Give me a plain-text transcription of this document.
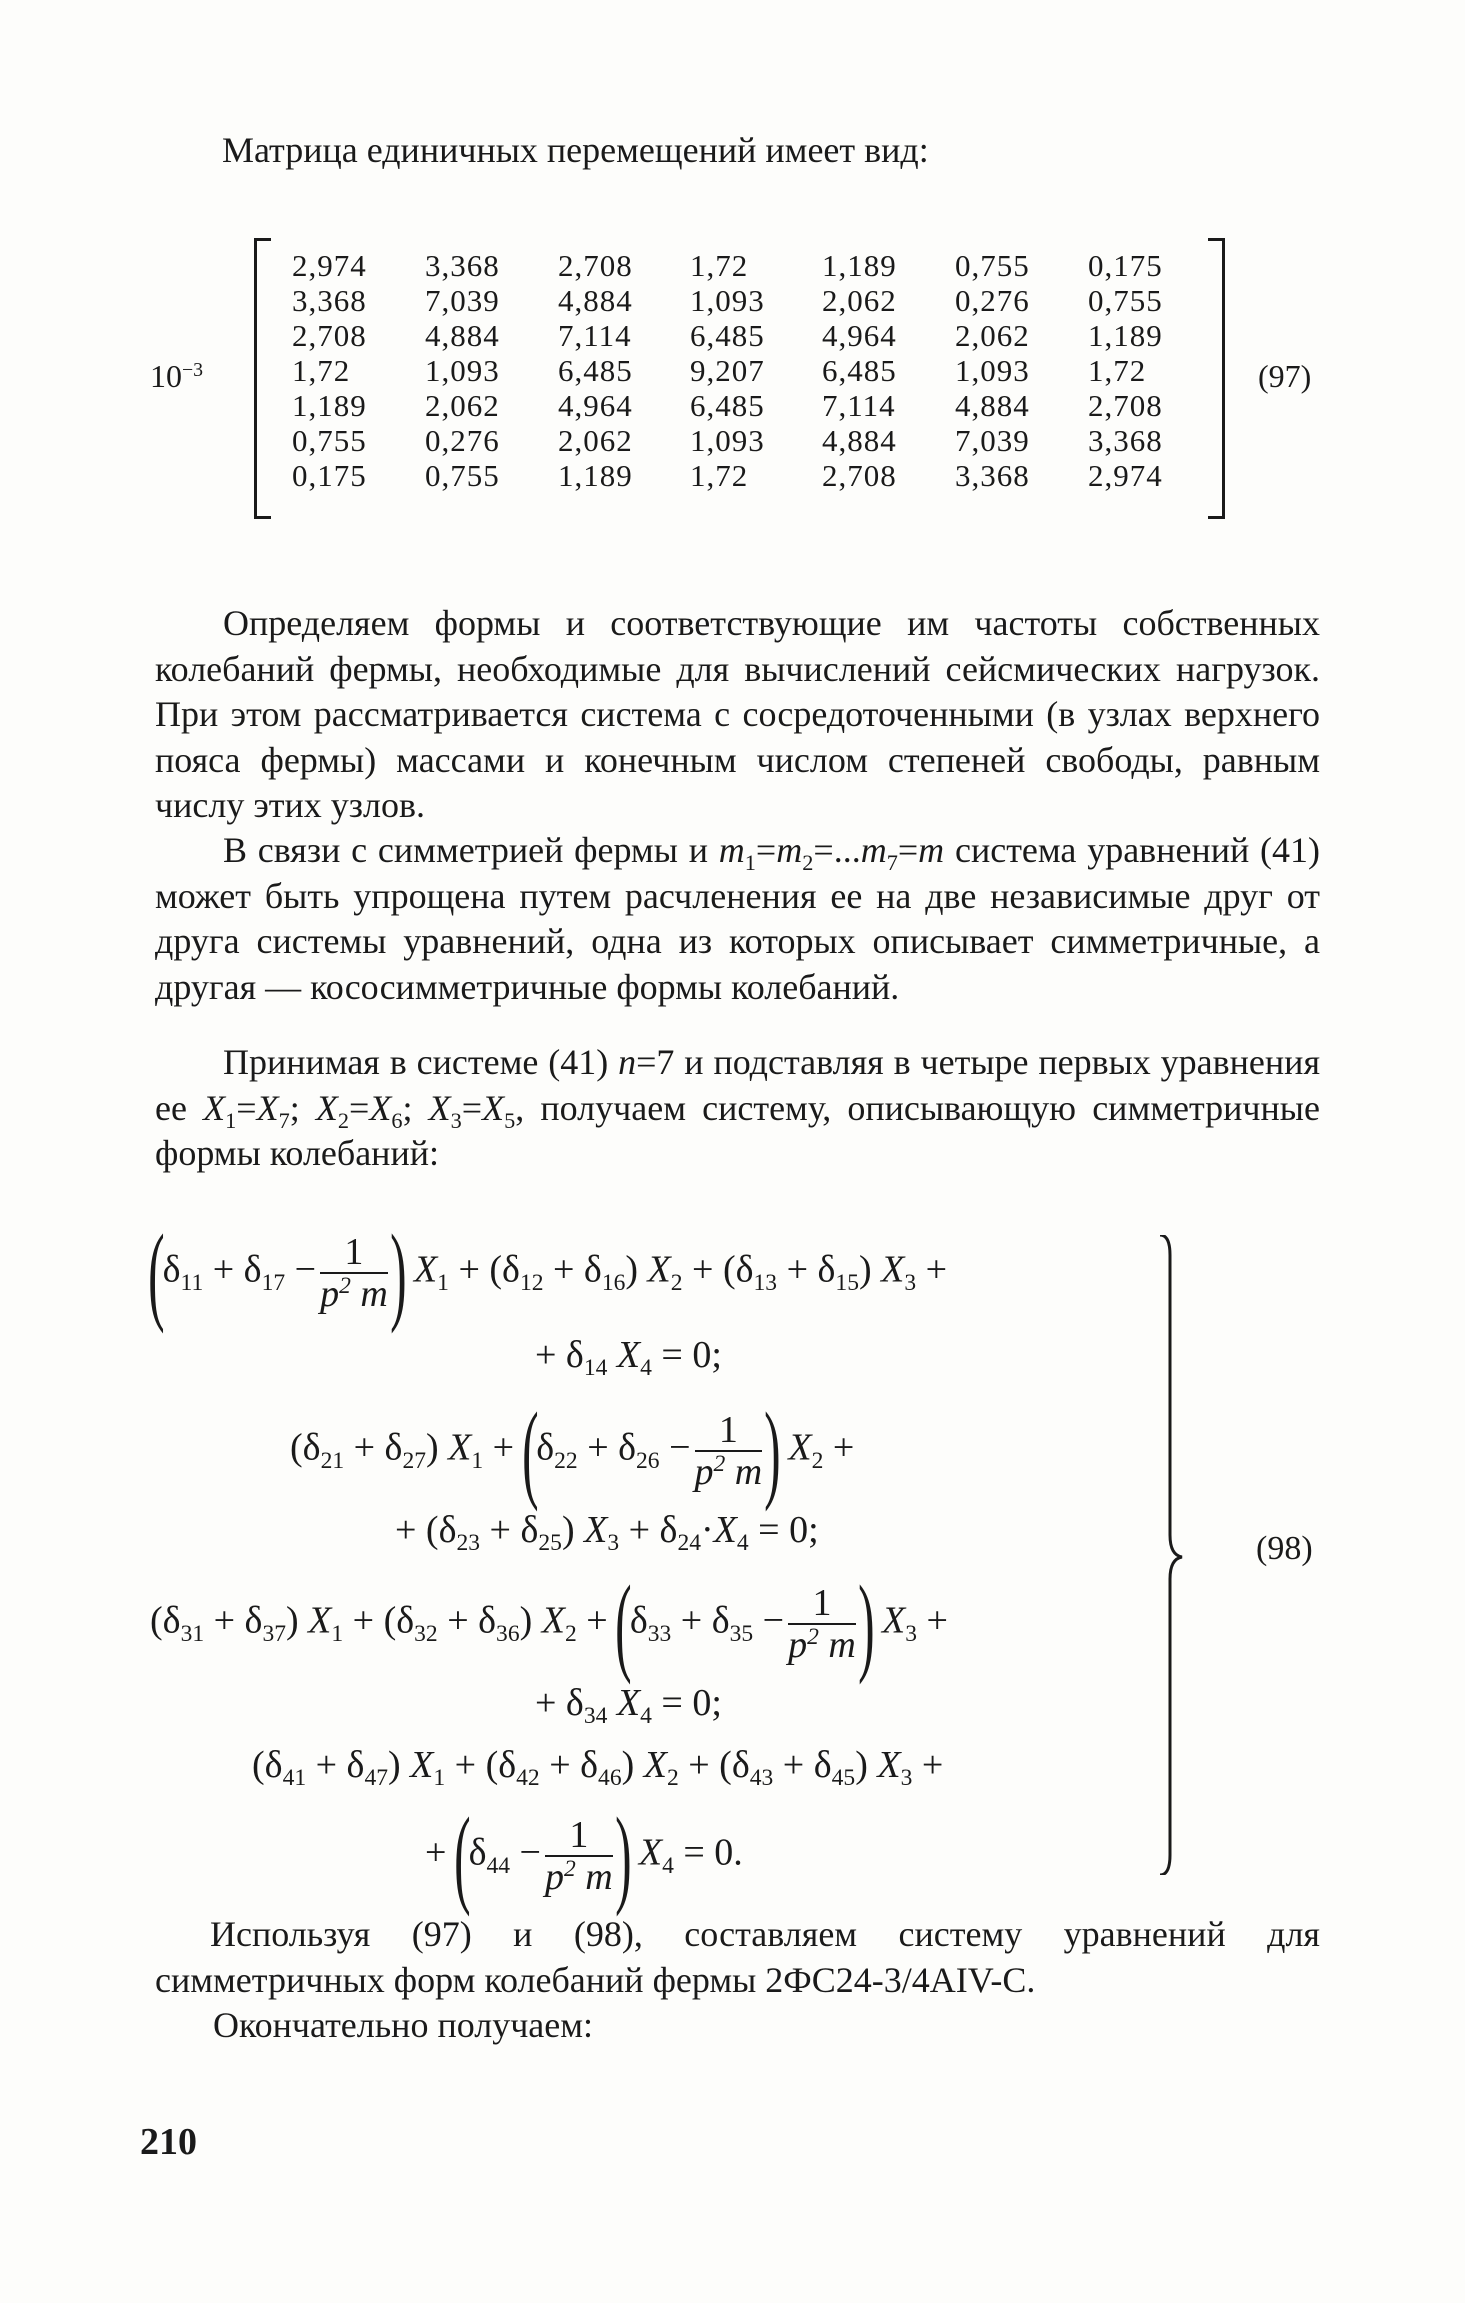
Матрица единичных перемещений имеет вид:
$10^{-3}$
2,974 3,368 2,708 1,72 1,189 0,755 0,175
3,368 7,039 4,884 1,093 2,062 0,276 0,755
2,708 4,884 7,114 6,485 4,964 2,062 1,189
1,72 1,093 6,485 9,207 6,485 1,093 1,72
1,189 2,062 4,964 6,485 7,114 4,884 2,708
0,755 0,276 2,062 1,093 4,884 7,039 3,368
0,175 0,755 1,189 1,72 2,708 3,368 2,974
(97)
Определяем формы и соответствующие им частоты собственных колебаний фермы, необходимые для вычислений сейсмических нагрузок. При этом рассматривается система с сосредоточенными (в узлах верхнего пояса фермы) массами и конечным числом степеней свободы, равным числу этих узлов.
В связи с симметрией фермы и $m_1=m_2=...m_7=m$ система уравнений (41) может быть упрощена путем расчленения ее на две независимые друг от друга системы уравнений, одна из которых описывает симметричные, а другая — кососимметричные формы колебаний.
Принимая в системе (41) n=7 и подставляя в четыре первых уравнения ее $X_1=X_7$; $X_2=X_6$; $X_3=X_5$, получаем систему, описывающую симметричные формы колебаний:
($\delta_{11} + \delta_{17} - \frac{1}{p^2 m}$ ) $X_1 + (\delta_{12} + \delta_{16}) X_2 + (\delta_{13} + \delta_{15}) X_3$ +
+ $\delta_{14}$ $X_4 = 0$;
$(\delta_{21} + \delta_{27}) X_1 + (\delta_{22} + \delta_{26} - \frac{1}{p^2 m}$ ) $X_2$ +
+ $(\delta_{23} + \delta_{25}) X_3 + \delta_{24}\cdot X_4 = 0$;
$(\delta_{31} + \delta_{37}) X_1 + (\delta_{32} + \delta_{36}) X_2 + (\delta_{33} + \delta_{35} - \frac{1}{p^2 m}$ ) $X_3$ +
+ $\delta_{34}$ $X_4 = 0$;
$(\delta_{41} + \delta_{47}) X_1 + (\delta_{42} + \delta_{46}) X_2 + (\delta_{43} + \delta_{45}) X_3$ +
+ ($\delta_{44} - \frac{1}{p^2 m}$ ) $X_4 = 0$.
(98)
Используя (97) и (98), составляем систему уравнений для симметричных форм колебаний фермы 2ФС24-3/4AIV-C.
Окончательно получаем:
210
